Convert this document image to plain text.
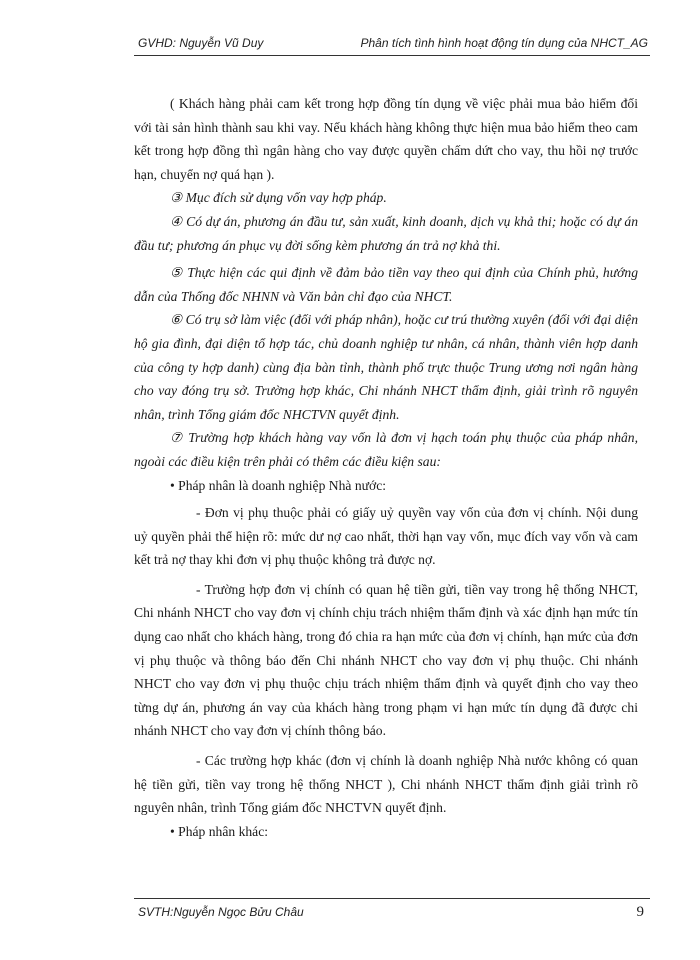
GVHD: Nguyễn Vũ Duy	Phân tích tình hình hoạt động tín dụng của NHCT_AG

( Khách hàng phải cam kết trong hợp đồng tín dụng về việc phải mua bảo hiểm đối với tài sản hình thành sau khi vay. Nếu khách hàng không thực hiện mua bảo hiểm theo cam kết trong hợp đồng thì ngân hàng cho vay được quyền chấm dứt cho vay, thu hồi nợ trước hạn, chuyển nợ quá hạn ).

③ Mục đích sử dụng vốn vay hợp pháp.

④ Có dự án, phương án đầu tư, sản xuất, kinh doanh, dịch vụ khả thi; hoặc có dự án đầu tư; phương án phục vụ đời sống kèm phương án trả nợ khả thi.

⑤ Thực hiện các qui định về đảm bảo tiền vay theo qui định của Chính phủ, hướng dẫn của Thống đốc NHNN và Văn bản chỉ đạo của NHCT.

⑥ Có trụ sở làm việc (đối với pháp nhân), hoặc cư trú thường xuyên (đối với đại diện hộ gia đình, đại diện tổ hợp tác, chủ doanh nghiệp tư nhân, cá nhân, thành viên hợp danh của công ty hợp danh) cùng địa bàn tỉnh, thành phố trực thuộc Trung ương nơi ngân hàng cho vay đóng trụ sở. Trường hợp khác, Chi nhánh NHCT thẩm định, giải trình rõ nguyên nhân, trình Tổng giám đốc NHCTVN quyết định.

⑦ Trường hợp khách hàng vay vốn là đơn vị hạch toán phụ thuộc của pháp nhân, ngoài các điều kiện trên phải có thêm các điều kiện sau:

• Pháp nhân là doanh nghiệp Nhà nước:

- Đơn vị phụ thuộc phải có giấy uỷ quyền vay vốn của đơn vị chính. Nội dung uỷ quyền phải thể hiện rõ: mức dư nợ cao nhất, thời hạn vay vốn, mục đích vay vốn và cam kết trả nợ thay khi đơn vị phụ thuộc không trả được nợ.

- Trường hợp đơn vị chính có quan hệ tiền gửi, tiền vay trong hệ thống NHCT, Chi nhánh NHCT cho vay đơn vị chính chịu trách nhiệm thẩm định và xác định hạn mức tín dụng cao nhất cho khách hàng, trong đó chia ra hạn mức của đơn vị chính, hạn mức của đơn vị phụ thuộc và thông báo đến Chi nhánh NHCT cho vay đơn vị phụ thuộc. Chi nhánh NHCT cho vay đơn vị phụ thuộc chịu trách nhiệm thẩm định và quyết định cho vay theo từng dự án, phương án vay của khách hàng trong phạm vi hạn mức tín dụng đã được chi nhánh NHCT cho vay đơn vị chính thông báo.

- Các trường hợp khác (đơn vị chính là doanh nghiệp Nhà nước không có quan hệ tiền gửi, tiền vay trong hệ thống NHCT ), Chi nhánh NHCT thẩm định giải trình rõ nguyên nhân, trình Tổng giám đốc NHCTVN quyết định.

• Pháp nhân khác:

SVTH:Nguyễn Ngọc Bửu Châu	9
